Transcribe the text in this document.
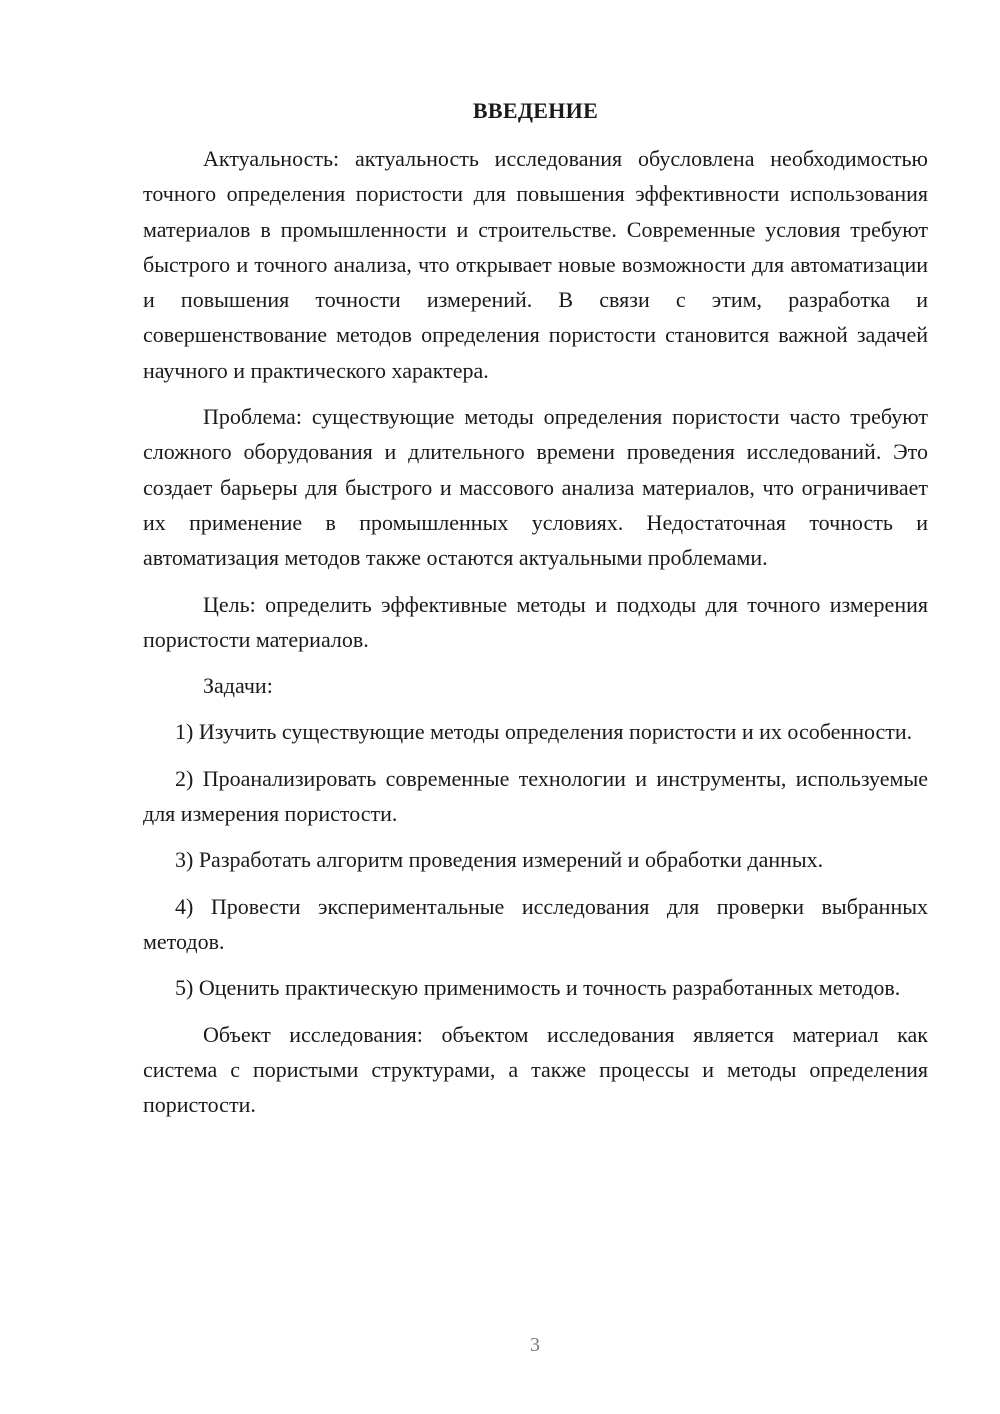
ВВЕДЕНИЕ

Актуальность: актуальность исследования обусловлена необходимостью точного определения пористости для повышения эффективности использования материалов в промышленности и строительстве. Современные условия требуют быстрого и точного анализа, что открывает новые возможности для автоматизации и повышения точности измерений. В связи с этим, разработка и совершенствование методов определения пористости становится важной задачей научного и практического характера.

Проблема: существующие методы определения пористости часто требуют сложного оборудования и длительного времени проведения исследований. Это создает барьеры для быстрого и массового анализа материалов, что ограничивает их применение в промышленных условиях. Недостаточная точность и автоматизация методов также остаются актуальными проблемами.

Цель: определить эффективные методы и подходы для точного измерения пористости материалов.

Задачи:

1) Изучить существующие методы определения пористости и их особенности.

2) Проанализировать современные технологии и инструменты, используемые для измерения пористости.

3) Разработать алгоритм проведения измерений и обработки данных.

4) Провести экспериментальные исследования для проверки выбранных методов.

5) Оценить практическую применимость и точность разработанных методов.

Объект исследования: объектом исследования является материал как система с пористыми структурами, а также процессы и методы определения пористости.

3
